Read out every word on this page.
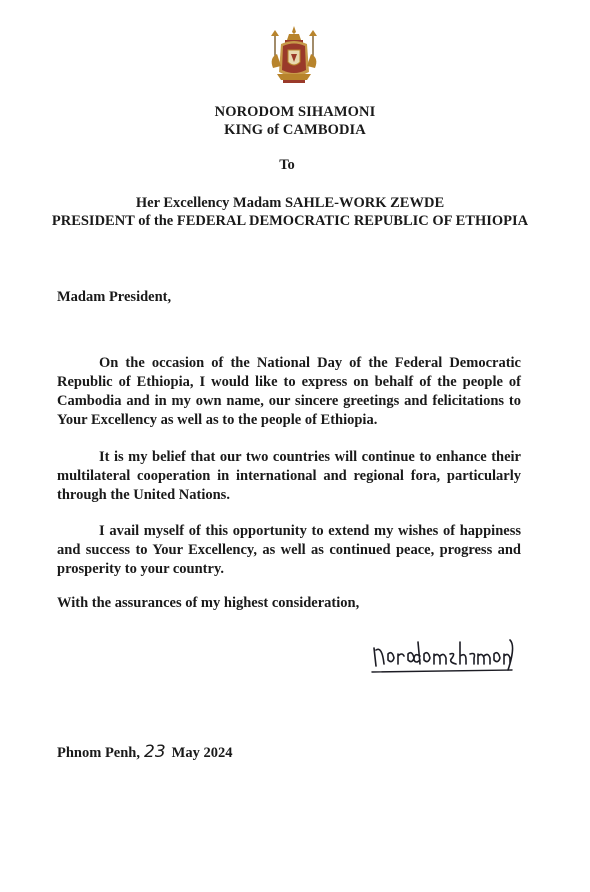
NORODOM SIHAMONI
KING of CAMBODIA
To
Her Excellency Madam SAHLE-WORK ZEWDE
PRESIDENT of the FEDERAL DEMOCRATIC REPUBLIC OF ETHIOPIA
Madam President,
On the occasion of the National Day of the Federal Democratic Republic of Ethiopia, I would like to express on behalf of the people of Cambodia and in my own name, our sincere greetings and felicitations to Your Excellency as well as to the people of Ethiopia.
It is my belief that our two countries will continue to enhance their multilateral cooperation in international and regional fora, particularly through the United Nations.
I avail myself of this opportunity to extend my wishes of happiness and success to Your Excellency, as well as continued peace, progress and prosperity to your country.
With the assurances of my highest consideration,
Phnom Penh, 23 May 2024
